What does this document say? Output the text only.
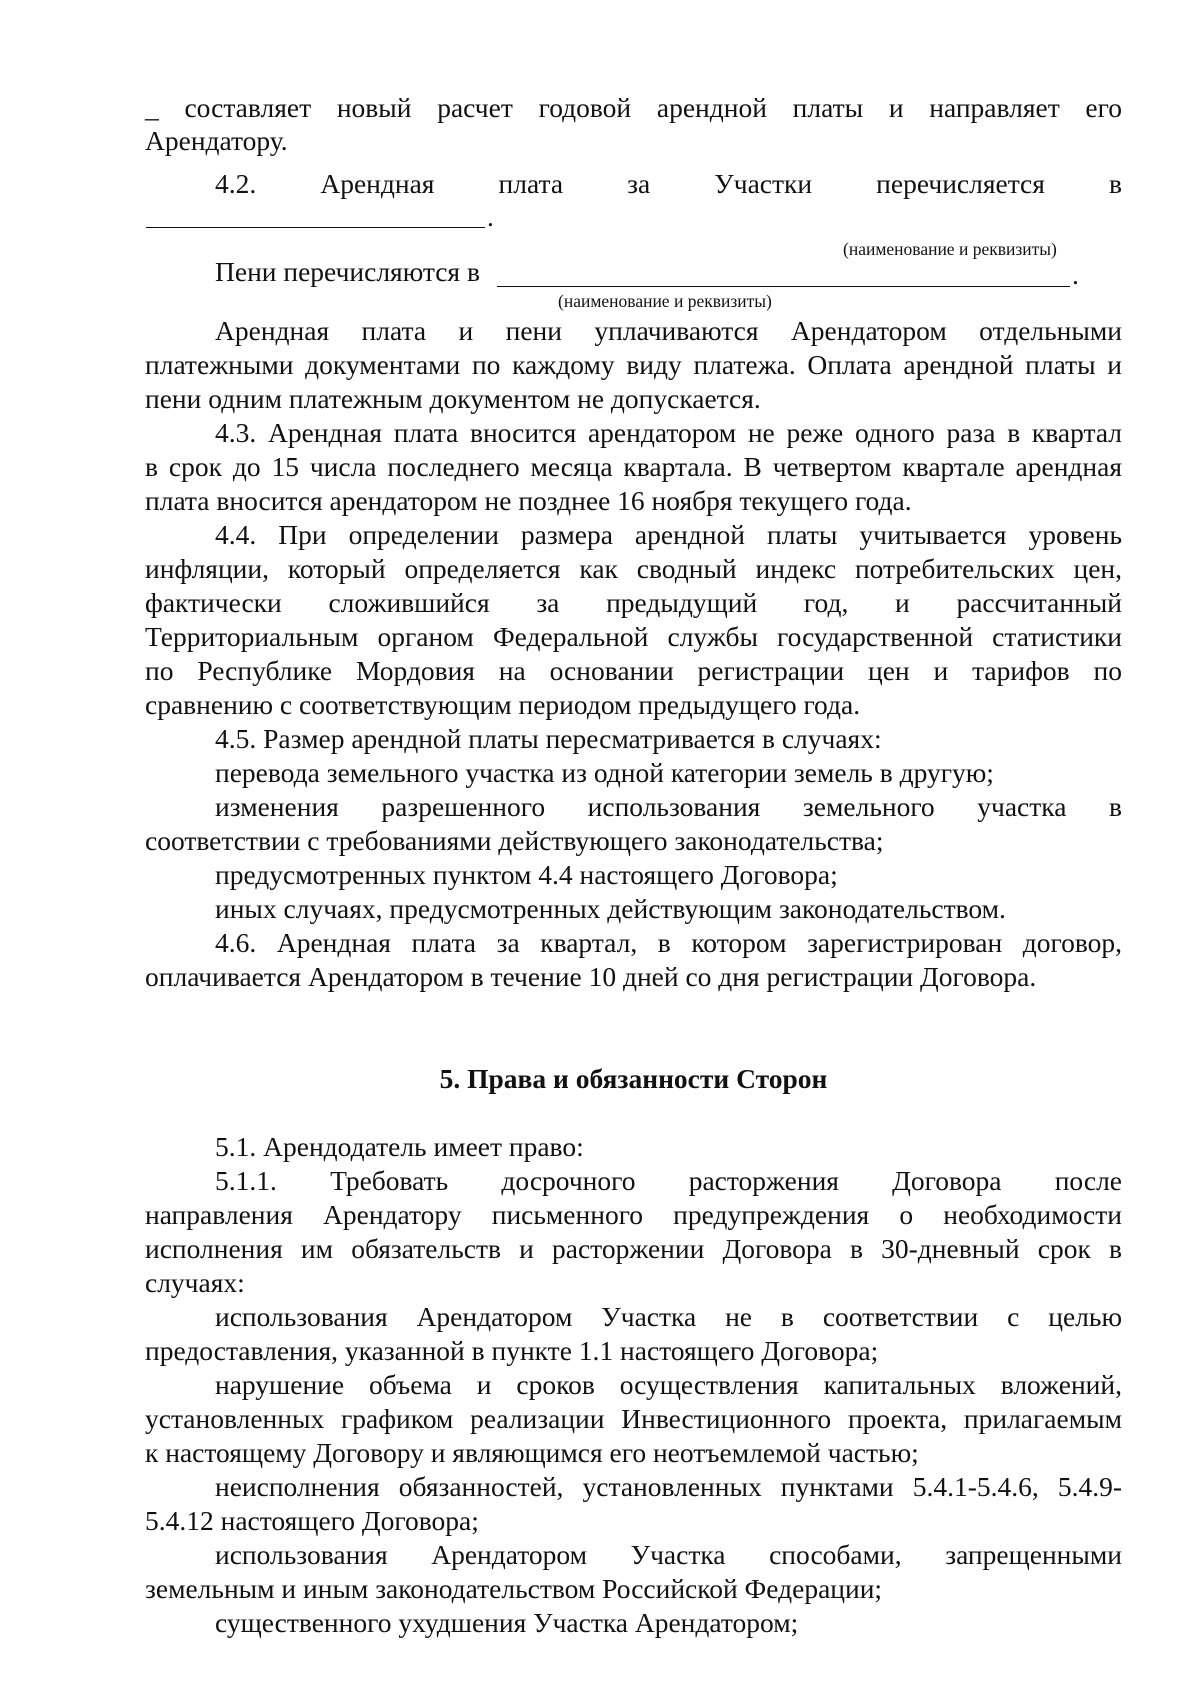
_ составляет новый расчет годовой арендной платы и направляет его
Арендатору.
4.2. Арендная плата за Участки перечисляется в
.
(наименование и реквизиты)
Пени перечисляются в	.
(наименование и реквизиты)
Арендная плата и пени уплачиваются Арендатором отдельными
платежными документами по каждому виду платежа. Оплата арендной платы и
пени одним платежным документом не допускается.
4.3. Арендная плата вносится арендатором не реже одного раза в квартал
в срок до 15 числа последнего месяца квартала. В четвертом квартале арендная
плата вносится арендатором не позднее 16 ноября текущего года.
4.4. При определении размера арендной платы учитывается уровень
инфляции, который определяется как сводный индекс потребительских цен,
фактически сложившийся за предыдущий год, и рассчитанный
Территориальным органом Федеральной службы государственной статистики
по Республике Мордовия на основании регистрации цен и тарифов по
сравнению с соответствующим периодом предыдущего года.
4.5. Размер арендной платы пересматривается в случаях:
перевода земельного участка из одной категории земель в другую;
изменения разрешенного использования земельного участка в
соответствии с требованиями действующего законодательства;
предусмотренных пунктом 4.4 настоящего Договора;
иных случаях, предусмотренных действующим законодательством.
4.6. Арендная плата за квартал, в котором зарегистрирован договор,
оплачивается Арендатором в течение 10 дней со дня регистрации Договора.
5. Права и обязанности Сторон
5.1. Арендодатель имеет право:
5.1.1. Требовать досрочного расторжения Договора после
направления Арендатору письменного предупреждения о необходимости
исполнения им обязательств и расторжении Договора в 30-дневный срок в
случаях:
использования Арендатором Участка не в соответствии с целью
предоставления, указанной в пункте 1.1 настоящего Договора;
нарушение объема и сроков осуществления капитальных вложений,
установленных графиком реализации Инвестиционного проекта, прилагаемым
к настоящему Договору и являющимся его неотъемлемой частью;
неисполнения обязанностей, установленных пунктами 5.4.1-5.4.6, 5.4.9-
5.4.12 настоящего Договора;
использования Арендатором Участка способами, запрещенными
земельным и иным законодательством Российской Федерации;
существенного ухудшения Участка Арендатором;
